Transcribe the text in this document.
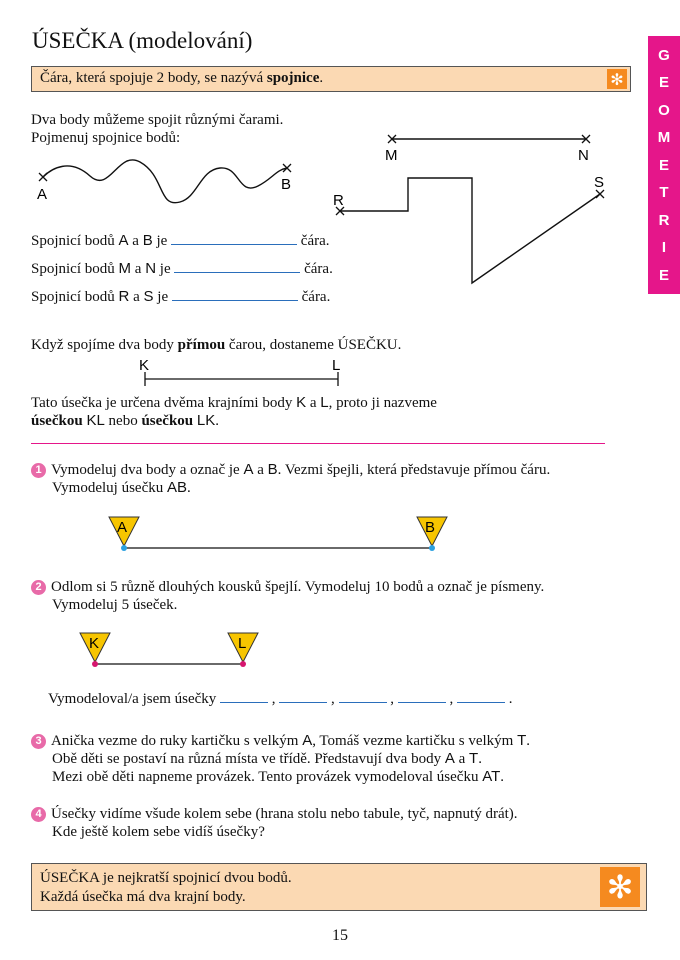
ÚSEČKA (modelování)
Čára, která spojuje 2 body, se nazývá spojnice.	✻
G
E
O
M
E
T
R
I
E
Dva body můžeme spojit různými čarami.
Pojmenuj spojnice bodů:
A
B
M	N
R
S
K	L
Spojnicí bodů A a B je	čára.
Spojnicí bodů M a N je	čára.
Spojnicí bodů R a S je	čára.
Když spojíme dva body přímou čarou, dostaneme ÚSEČKU.
Tato úsečka je určena dvěma krajními body K a L, proto ji nazveme
úsečkou KL nebo úsečkou LK.
1 Vymodeluj dva body a označ je A a B. Vezmi špejli, která představuje přímou čáru.
Vymodeluj úsečku AB.
A	B
K	L
2 Odlom si 5 různě dlouhých kousků špejlí. Vymodeluj 10 bodů a označ je písmeny.
Vymodeluj 5 úseček.
Vymodeloval/a jsem úsečky	,	,	,	,	.
3 Anička vezme do ruky kartičku s velkým A, Tomáš vezme kartičku s velkým T.
Obě děti se postaví na různá místa ve třídě. Představují dva body A a T.
Mezi obě děti napneme provázek. Tento provázek vymodeloval úsečku AT.
4 Úsečky vidíme všude kolem sebe (hrana stolu nebo tabule, tyč, napnutý drát).
Kde ještě kolem sebe vidíš úsečky?
ÚSEČKA je nejkratší spojnicí dvou bodů.
Každá úsečka má dva krajní body.	✻
15
